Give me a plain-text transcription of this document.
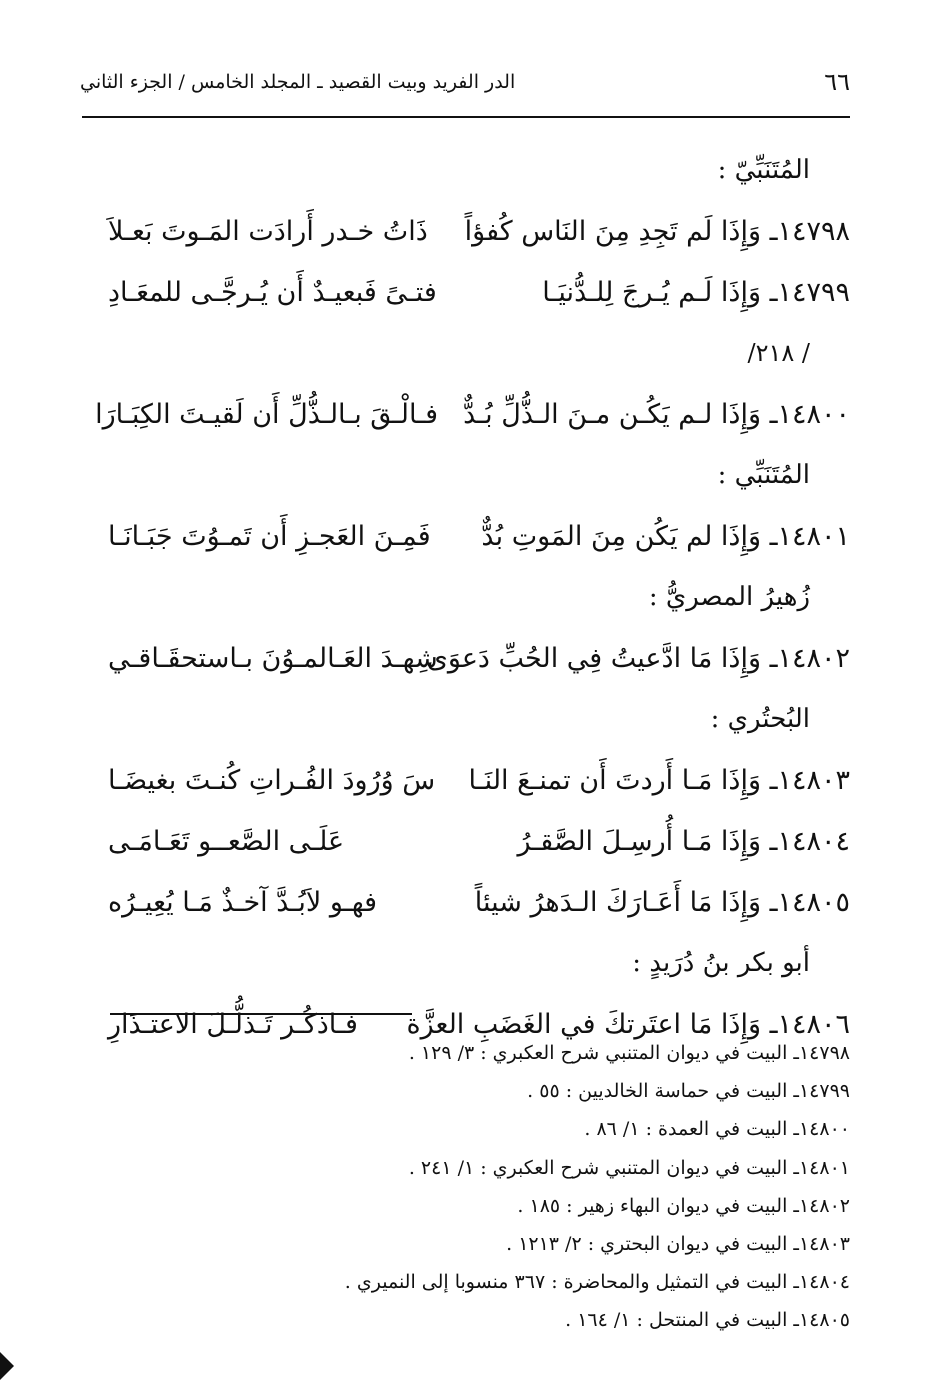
٦٦
الدر الفريد وبيت القصيد ـ المجلد الخامس / الجزء الثاني
المُتَنَبِّيّ :
١٤٧٩٨ـ وَإِذَا لَم تَجِدِ مِنَ النَاس كُفؤاً
ذَاتُ خـدر أَرادَت المَـوتَ بَعـلاَ
١٤٧٩٩ـ وَإِذَا لَـم يُـرجَ لِلـدُّنيَـا
فتـىً فَبعيـدٌ أَن يُـرجَّـى للمعَـادِ
/ ٢١٨/
١٤٨٠٠ـ وَإِذَا لـم يَكُـن مـنَ الـذُّلِّ بُـدٌّ
فـالْـقَ بـالـذُّلِّ أَن لَقيـتَ الكِبَـارَا
المُتَنَبِّي :
١٤٨٠١ـ وَإِذَا لم يَكُن مِنَ المَوتِ بُدٌّ
فَمِـنَ العَجـزِ أَن تَمـوُتَ جَبَـانَـا
زُهيرُ المصريُّ :
١٤٨٠٢ـ وَإِذَا مَا ادَّعيتُ فِي الحُبِّ دَعوَى
شِهـدَ العَـالمـوُنَ بـاستحقَـاقـي
البُحتُري :
١٤٨٠٣ـ وَإِذَا مَـا أَردتَ أَن تمنـعَ النَـا
سَ وُرُودَ الفُـراتِ كُنـتَ بغيضَـا
١٤٨٠٤ـ وَإِذَا مَـا أُرسِـلَ الصَّقـرُ
عَلَـى الصَّعــو تَعَـامَـى
١٤٨٠٥ـ وَإِذَا مَا أَعَـارَكَ الـدَهرُ شيئاً
فهـو لاَبُـدَّ آخـذٌ مَـا يُعِيـرُه
أبو بكر بنُ دُرَيدٍ :
١٤٨٠٦ـ وَإِذَا مَا اعتَرتكَ في الغَضَبِ العزَّة
فـاذكُـر تَـذلُّـلَ الاعتـذَارِ
١٤٧٩٨ـ البيت في ديوان المتنبي شرح العكبري : ٣/ ١٢٩ .
١٤٧٩٩ـ البيت في حماسة الخالديين : ٥٥ .
١٤٨٠٠ـ البيت في العمدة : ١/ ٨٦ .
١٤٨٠١ـ البيت في ديوان المتنبي شرح العكبري : ١/ ٢٤١ .
١٤٨٠٢ـ البيت في ديوان البهاء زهير : ١٨٥ .
١٤٨٠٣ـ البيت في ديوان البحتري : ٢/ ١٢١٣ .
١٤٨٠٤ـ البيت في التمثيل والمحاضرة : ٣٦٧ منسوبا إلى النميري .
١٤٨٠٥ـ البيت في المنتحل : ١/ ١٦٤ .
